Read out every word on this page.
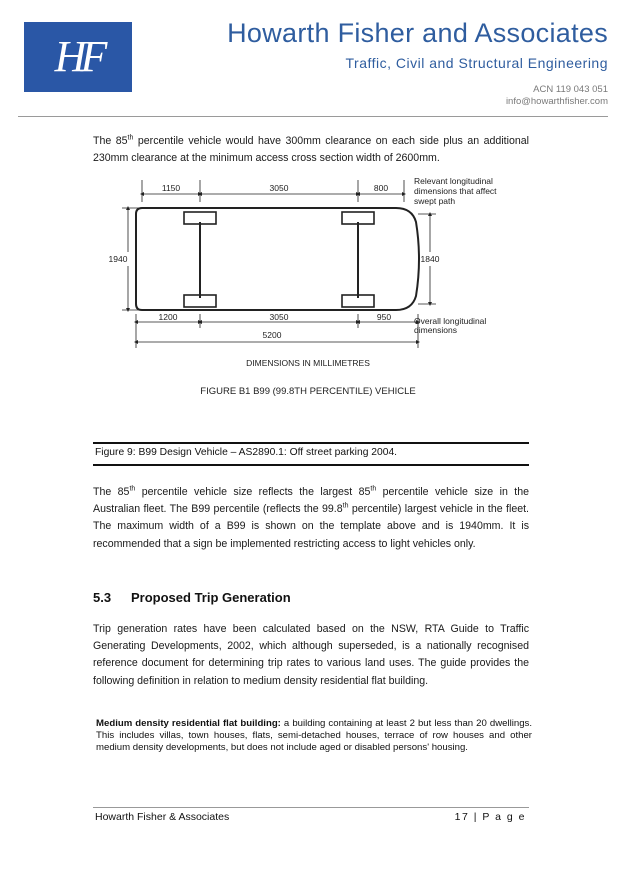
HF	Howarth Fisher and Associates
Traffic, Civil and Structural Engineering
ACN 119 043 051
info@howarthfisher.com
The 85th percentile vehicle would have 300mm clearance on each side plus an additional 230mm clearance at the minimum access cross section width of 2600mm.
1150	3050	800
1200	3050	950
5200
1940	1840
Relevant longitudinal
dimensions that affect
swept path
Overall longitudinal
dimensions
DIMENSIONS IN MILLIMETRES
FIGURE B1 B99 (99.8TH PERCENTILE) VEHICLE
Figure 9: B99 Design Vehicle – AS2890.1: Off street parking 2004.
The 85th percentile vehicle size reflects the largest 85th percentile vehicle size in the Australian fleet. The B99 percentile (reflects the 99.8th percentile) largest vehicle in the fleet. The maximum width of a B99 is shown on the template above and is 1940mm. It is recommended that a sign be implemented restricting access to light vehicles only.
5.3 Proposed Trip Generation
Trip generation rates have been calculated based on the NSW, RTA Guide to Traffic Generating Developments, 2002, which although superseded, is a nationally recognised reference document for determining trip rates to various land uses. The guide provides the following definition in relation to medium density residential flat building.
Medium density residential flat building: a building containing at least 2 but less than 20 dwellings. This includes villas, town houses, flats, semi-detached houses, terrace of row houses and other medium density developments, but does not include aged or disabled persons' housing.
Howarth Fisher & Associates	17 | P a g e
